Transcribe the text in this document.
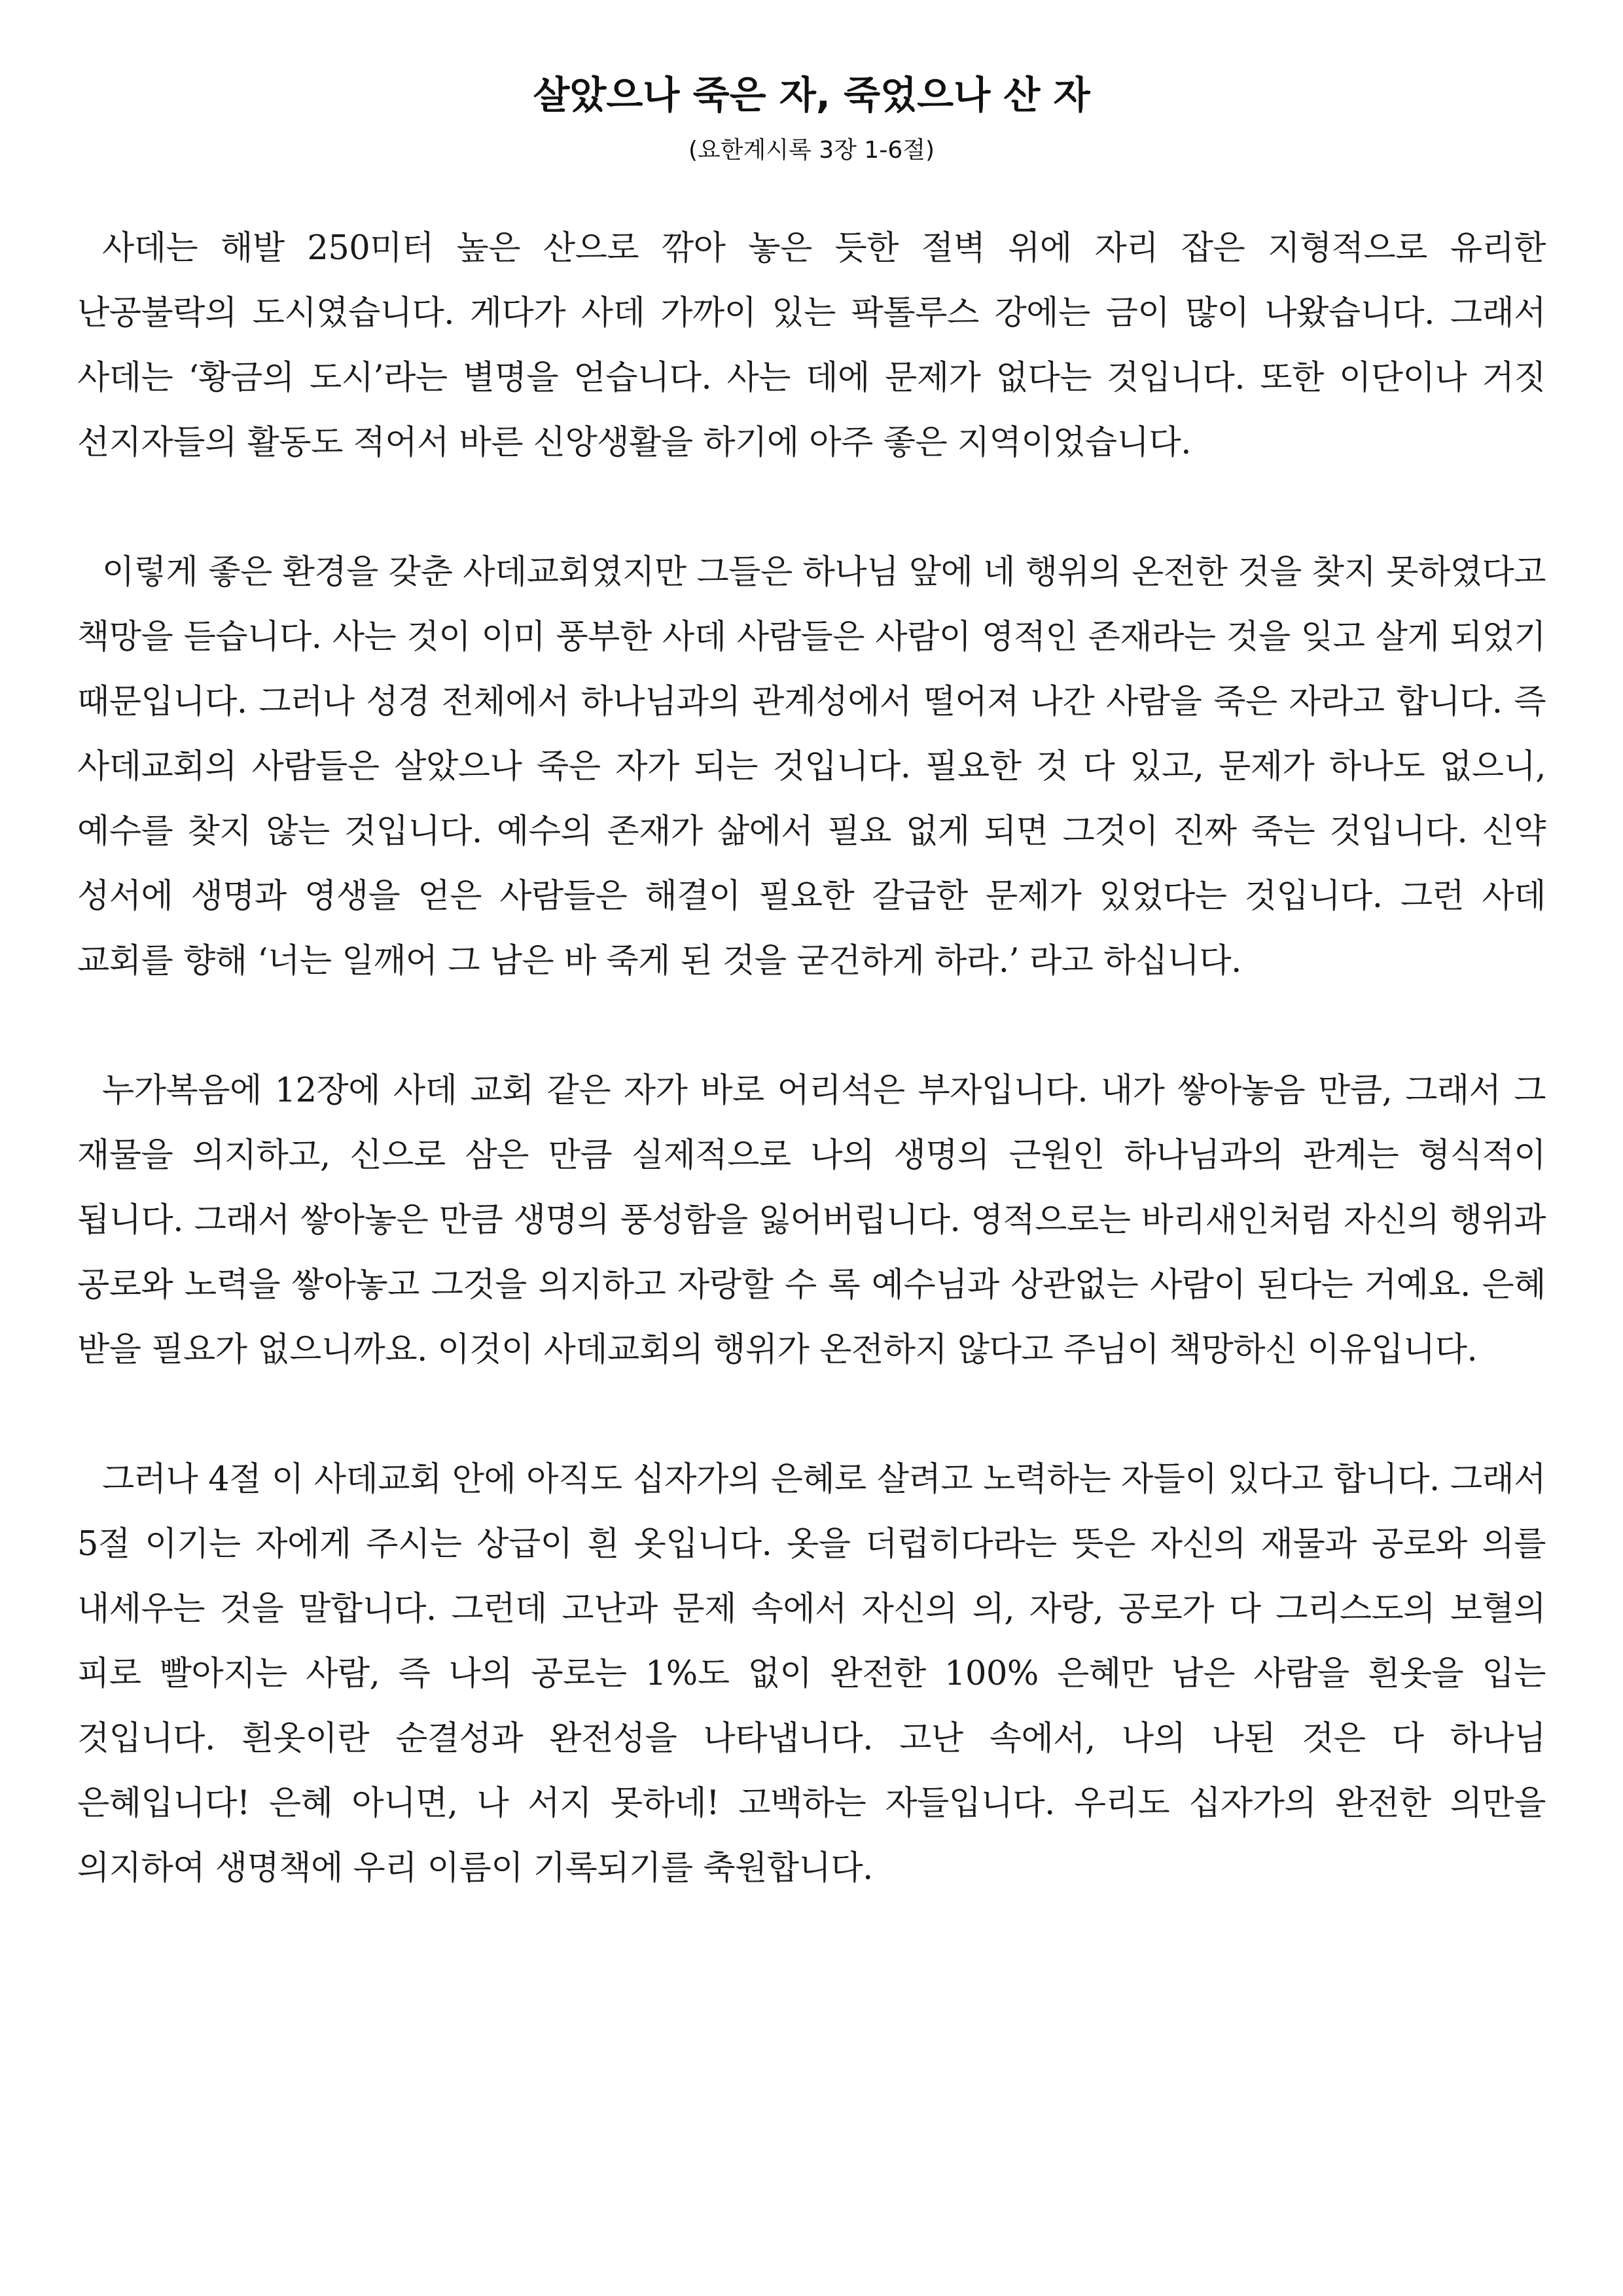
살았으나 죽은 자, 죽었으나 산 자
(요한계시록 3장 1-6절)

사데는 해발 250미터 높은 산으로 깎아 놓은 듯한 절벽 위에 자리 잡은 지형적으로 유리한 난공불락의 도시였습니다. 게다가 사데 가까이 있는 팍톨루스 강에는 금이 많이 나왔습니다. 그래서 사데는 ‘황금의 도시’라는 별명을 얻습니다. 사는 데에 문제가 없다는 것입니다. 또한 이단이나 거짓 선지자들의 활동도 적어서 바른 신앙생활을 하기에 아주 좋은 지역이었습니다.

이렇게 좋은 환경을 갖춘 사데교회였지만 그들은 하나님 앞에 네 행위의 온전한 것을 찾지 못하였다고 책망을 듣습니다. 사는 것이 이미 풍부한 사데 사람들은 사람이 영적인 존재라는 것을 잊고 살게 되었기 때문입니다. 그러나 성경 전체에서 하나님과의 관계성에서 떨어져 나간 사람을 죽은 자라고 합니다. 즉 사데교회의 사람들은 살았으나 죽은 자가 되는 것입니다. 필요한 것 다 있고, 문제가 하나도 없으니, 예수를 찾지 않는 것입니다. 예수의 존재가 삶에서 필요 없게 되면 그것이 진짜 죽는 것입니다. 신약 성서에 생명과 영생을 얻은 사람들은 해결이 필요한 갈급한 문제가 있었다는 것입니다. 그런 사데 교회를 향해 ‘너는 일깨어 그 남은 바 죽게 된 것을 굳건하게 하라.’ 라고 하십니다.

누가복음에 12장에 사데 교회 같은 자가 바로 어리석은 부자입니다. 내가 쌓아놓음 만큼, 그래서 그 재물을 의지하고, 신으로 삼은 만큼 실제적으로 나의 생명의 근원인 하나님과의 관계는 형식적이 됩니다. 그래서 쌓아놓은 만큼 생명의 풍성함을 잃어버립니다. 영적으로는 바리새인처럼 자신의 행위과 공로와 노력을 쌓아놓고 그것을 의지하고 자랑할 수 록 예수님과 상관없는 사람이 된다는 거예요. 은혜 받을 필요가 없으니까요. 이것이 사데교회의 행위가 온전하지 않다고 주님이 책망하신 이유입니다.

그러나 4절 이 사데교회 안에 아직도 십자가의 은혜로 살려고 노력하는 자들이 있다고 합니다. 그래서 5절 이기는 자에게 주시는 상급이 흰 옷입니다. 옷을 더럽히다라는 뜻은 자신의 재물과 공로와 의를 내세우는 것을 말합니다. 그런데 고난과 문제 속에서 자신의 의, 자랑, 공로가 다 그리스도의 보혈의 피로 빨아지는 사람, 즉 나의 공로는 1%도 없이 완전한 100% 은혜만 남은 사람을 흰옷을 입는 것입니다. 흰옷이란 순결성과 완전성을 나타냅니다. 고난 속에서, 나의 나된 것은 다 하나님 은혜입니다! 은혜 아니면, 나 서지 못하네! 고백하는 자들입니다. 우리도 십자가의 완전한 의만을 의지하여 생명책에 우리 이름이 기록되기를 축원합니다.
